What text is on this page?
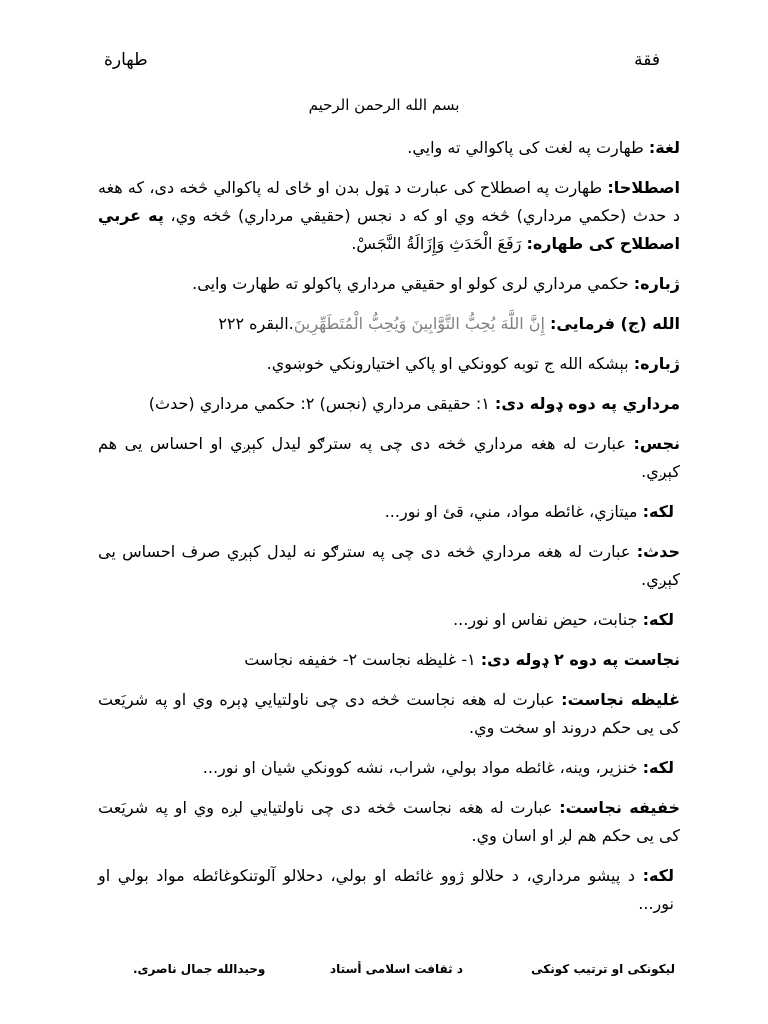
فقة
طهارة
بسم الله الرحمن الرحيم

لغة: طهارت په لغت کی پاکوالي ته وايي.

اصطلاحا: طهارت په اصطلاح کی عبارت د ټول بدن او ځای له پاکوالي څخه دی، که هغه د حدث (حکمي مرداري) څخه وي او که د نجس (حقيقي مرداري) څخه وي، په عربي اصطلاح کی طهاره: رَفَعَ الْحَدَثِ وَإِزَالَةُ النَّجَسْ.

ژباره: حکمي مرداري لری کولو او حقيقي مرداري پاکولو ته طهارت وايی.

الله (ج) فرمايی: إِنَّ اللَّهَ يُحِبُّ التَّوَّابِينَ وَيُحِبُّ الْمُتَطَهِّرِينَ.البقره ٢٢٢

ژباره: بېشکه الله ج توبه کوونکي او پاکي اختيارونکي خوښوي.

مرداري په دوه ډوله دی: ١: حقيقی مرداري (نجس) ٢: حکمي مرداري (حدث)

نجس: عبارت له هغه مرداري څخه دی چی په سترګو ليدل کېږي او احساس يی هم کېږي.

لکه: ميتازي، غائطه مواد، مني، قئ او نور...

حدث: عبارت له هغه مرداري څخه دی چی په سترګو نه ليدل کېږي صرف احساس يی کېږي.

لکه: جنابت، حيض نفاس او نور...

نجاست په دوه ٢ ډوله دی: ١- غليظه نجاست ٢- خفيفه نجاست

غليظه نجاست: عبارت له هغه نجاست څخه دی چی ناولتيايي ډېره وي او په شريَعت کی يی حکم دروند او سخت وي.

لکه: خنزير، وينه، غائطه مواد بولي، شراب، نشه کوونکي شيان او نور...

خفيفه نجاست: عبارت له هغه نجاست څخه دی چی ناولتيايي لږه وي او په شريَعت کی يی حکم هم لږ او اسان وي.

لکه: د پيشو مرداري، د حلالو ژوو غائطه او بولي، دحلالو آلوتنکوغائطه مواد بولي او نور...

ليکونکی او ترتيب کونکی
د ثقافت اسلامی أستاد
وحيدالله جمال ناصری.
